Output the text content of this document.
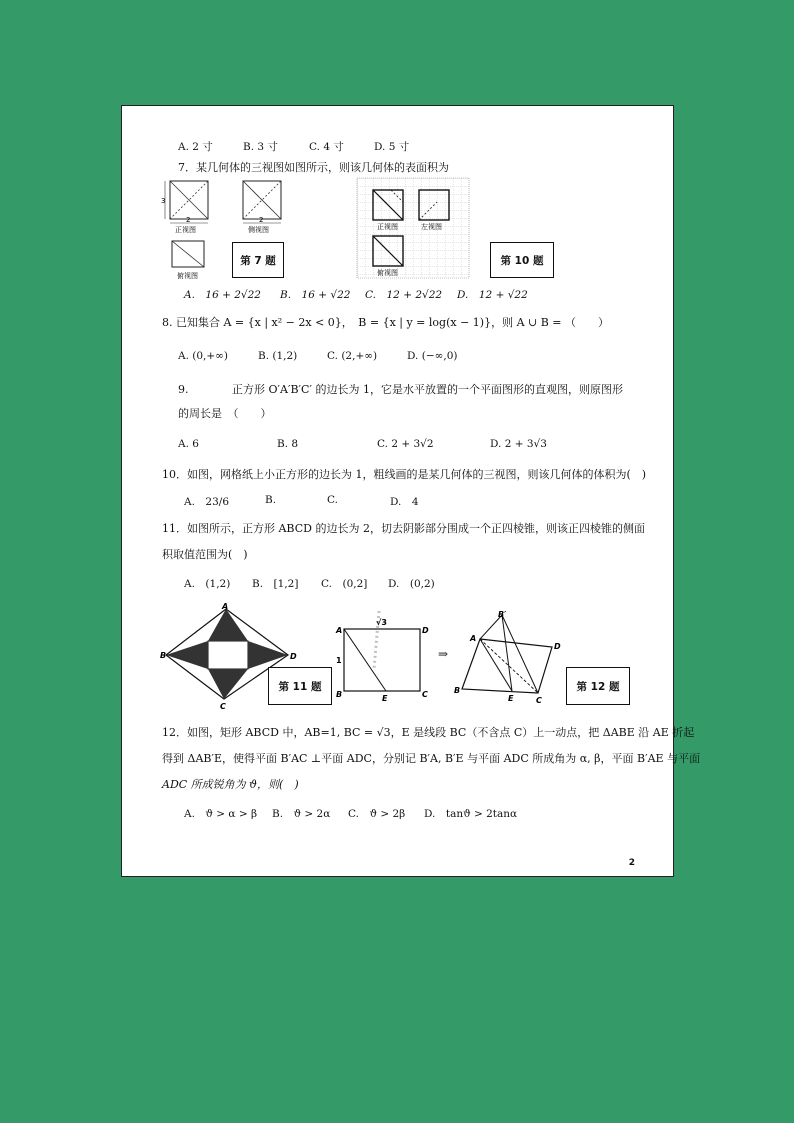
A. 2 寸	B. 3 寸	C. 4 寸	D. 5 寸
7．某几何体的三视图如图所示，则该几何体的表面积为
3
2
正视图
2
侧视图
俯视图
第 7 题
正视图	左视图
俯视图
第 10 题
A.　16 + 2√22 B.　16 + √22 C.　12 + 2√22 D.　12 + √22
8. 已知集合 A = {x | x² − 2x < 0}，　B = {x | y = log(x − 1)}，则 A ∪ B = （　　）
A. (0,+∞)	B. (1,2)	C. (2,+∞)	D. (−∞,0)
9.	正方形 O′A′B′C′ 的边长为 1，它是水平放置的一个平面图形的直观图，则原图形
的周长是　（　　）
A. 6	B. 8	C. 2 + 3√2	D. 2 + 3√3
10．如图，网格纸上小正方形的边长为 1，粗线画的是某几何体的三视图，则该几何体的体积为(　)
A.　23/6	B.	C.	D.　4
11．如图所示，正方形 ABCD 的边长为 2，切去阴影部分围成一个正四棱锥，则该正四棱锥的侧面
积取值范围为(　)
A.　(1,2) B.　[1,2] C.　(0,2] D.　(0,2)
A
B
C
D
第 11 题
A	D
B	E	C
1
√3
⇒
B′
A
D
B
E	C
第 12 题
12．如图，矩形 ABCD 中，AB=1, BC = √3，E 是线段 BC（不含点 C）上一动点，把 ΔABE 沿 AE 折起
得到 ΔAB′E，使得平面 B′AC ⊥平面 ADC，分别记 B′A, B′E 与平面 ADC 所成角为 α, β，平面 B′AE 与平面
ADC 所成锐角为 ϑ，则(　)
A.　ϑ > α > β B.　ϑ > 2α C.　ϑ > 2β D.　tanϑ > 2tanα
2
